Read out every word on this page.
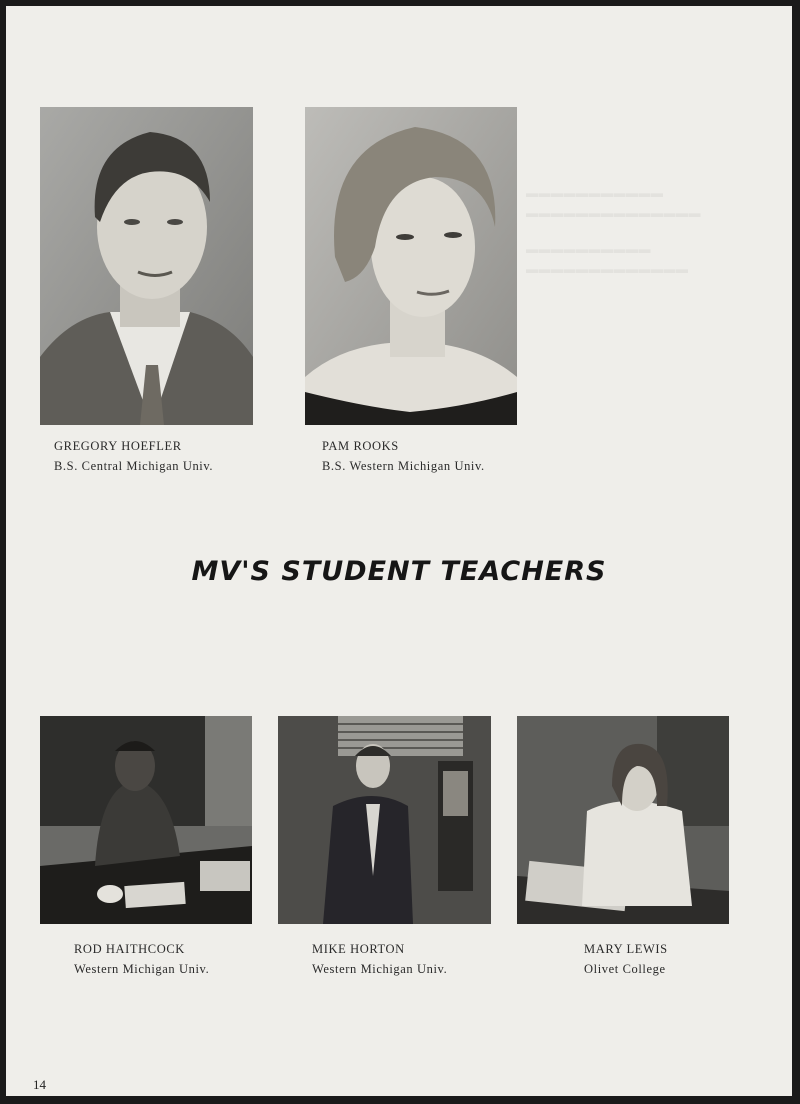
▬▬▬▬▬▬▬▬▬▬▬
▬▬▬▬▬▬▬▬▬▬▬▬▬▬
▬▬▬▬▬▬▬▬▬▬
▬▬▬▬▬▬▬▬▬▬▬▬▬
GREGORY HOEFLER
B.S. Central Michigan Univ.
PAM ROOKS
B.S. Western Michigan Univ.
MV'S STUDENT TEACHERS
ROD HAITHCOCK
Western Michigan Univ.
MIKE HORTON
Western Michigan Univ.
MARY LEWIS
Olivet College
14
